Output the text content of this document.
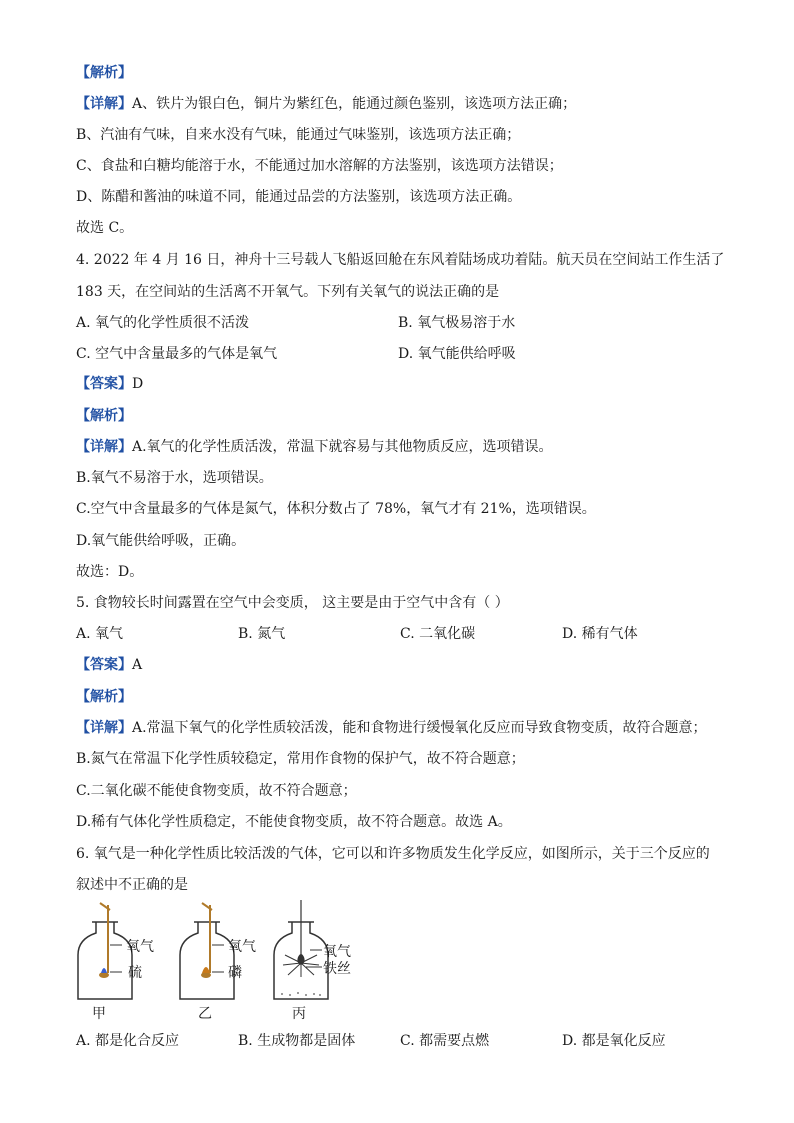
【解析】
【详解】A、铁片为银白色，铜片为紫红色，能通过颜色鉴别，该选项方法正确；
B、汽油有气味，自来水没有气味，能通过气味鉴别，该选项方法正确；
C、食盐和白糖均能溶于水，不能通过加水溶解的方法鉴别，该选项方法错误；
D、陈醋和酱油的味道不同，能通过品尝的方法鉴别，该选项方法正确。
故选 C。
4. 2022 年 4 月 16 日，神舟十三号载人飞船返回舱在东风着陆场成功着陆。航天员在空间站工作生活了
183 天，在空间站的生活离不开氧气。下列有关氧气的说法正确的是
A. 氧气的化学性质很不活泼	B. 氧气极易溶于水
C. 空气中含量最多的气体是氧气	D. 氧气能供给呼吸
【答案】D
【解析】
【详解】A.氧气的化学性质活泼，常温下就容易与其他物质反应，选项错误。
B.氧气不易溶于水，选项错误。
C.空气中含量最多的气体是氮气，体积分数占了 78%，氧气才有 21%，选项错误。
D.氧气能供给呼吸，正确。
故选：D。
5. 食物较长时间露置在空气中会变质， 这主要是由于空气中含有（ ）
A. 氧气	B. 氮气	C. 二氧化碳	D. 稀有气体
【答案】A
【解析】
【详解】A.常温下氧气的化学性质较活泼，能和食物进行缓慢氧化反应而导致食物变质，故符合题意；
B.氮气在常温下化学性质较稳定，常用作食物的保护气，故不符合题意；
C.二氧化碳不能使食物变质，故不符合题意；
D.稀有气体化学性质稳定，不能使食物变质，故不符合题意。故选 A。
6. 氧气是一种化学性质比较活泼的气体，它可以和许多物质发生化学反应，如图所示，关于三个反应的
叙述中不正确的是
氧气
硫
甲
氧气
磷
乙
氧气
铁丝
丙
A. 都是化合反应	B. 生成物都是固体	C. 都需要点燃	D. 都是氧化反应
